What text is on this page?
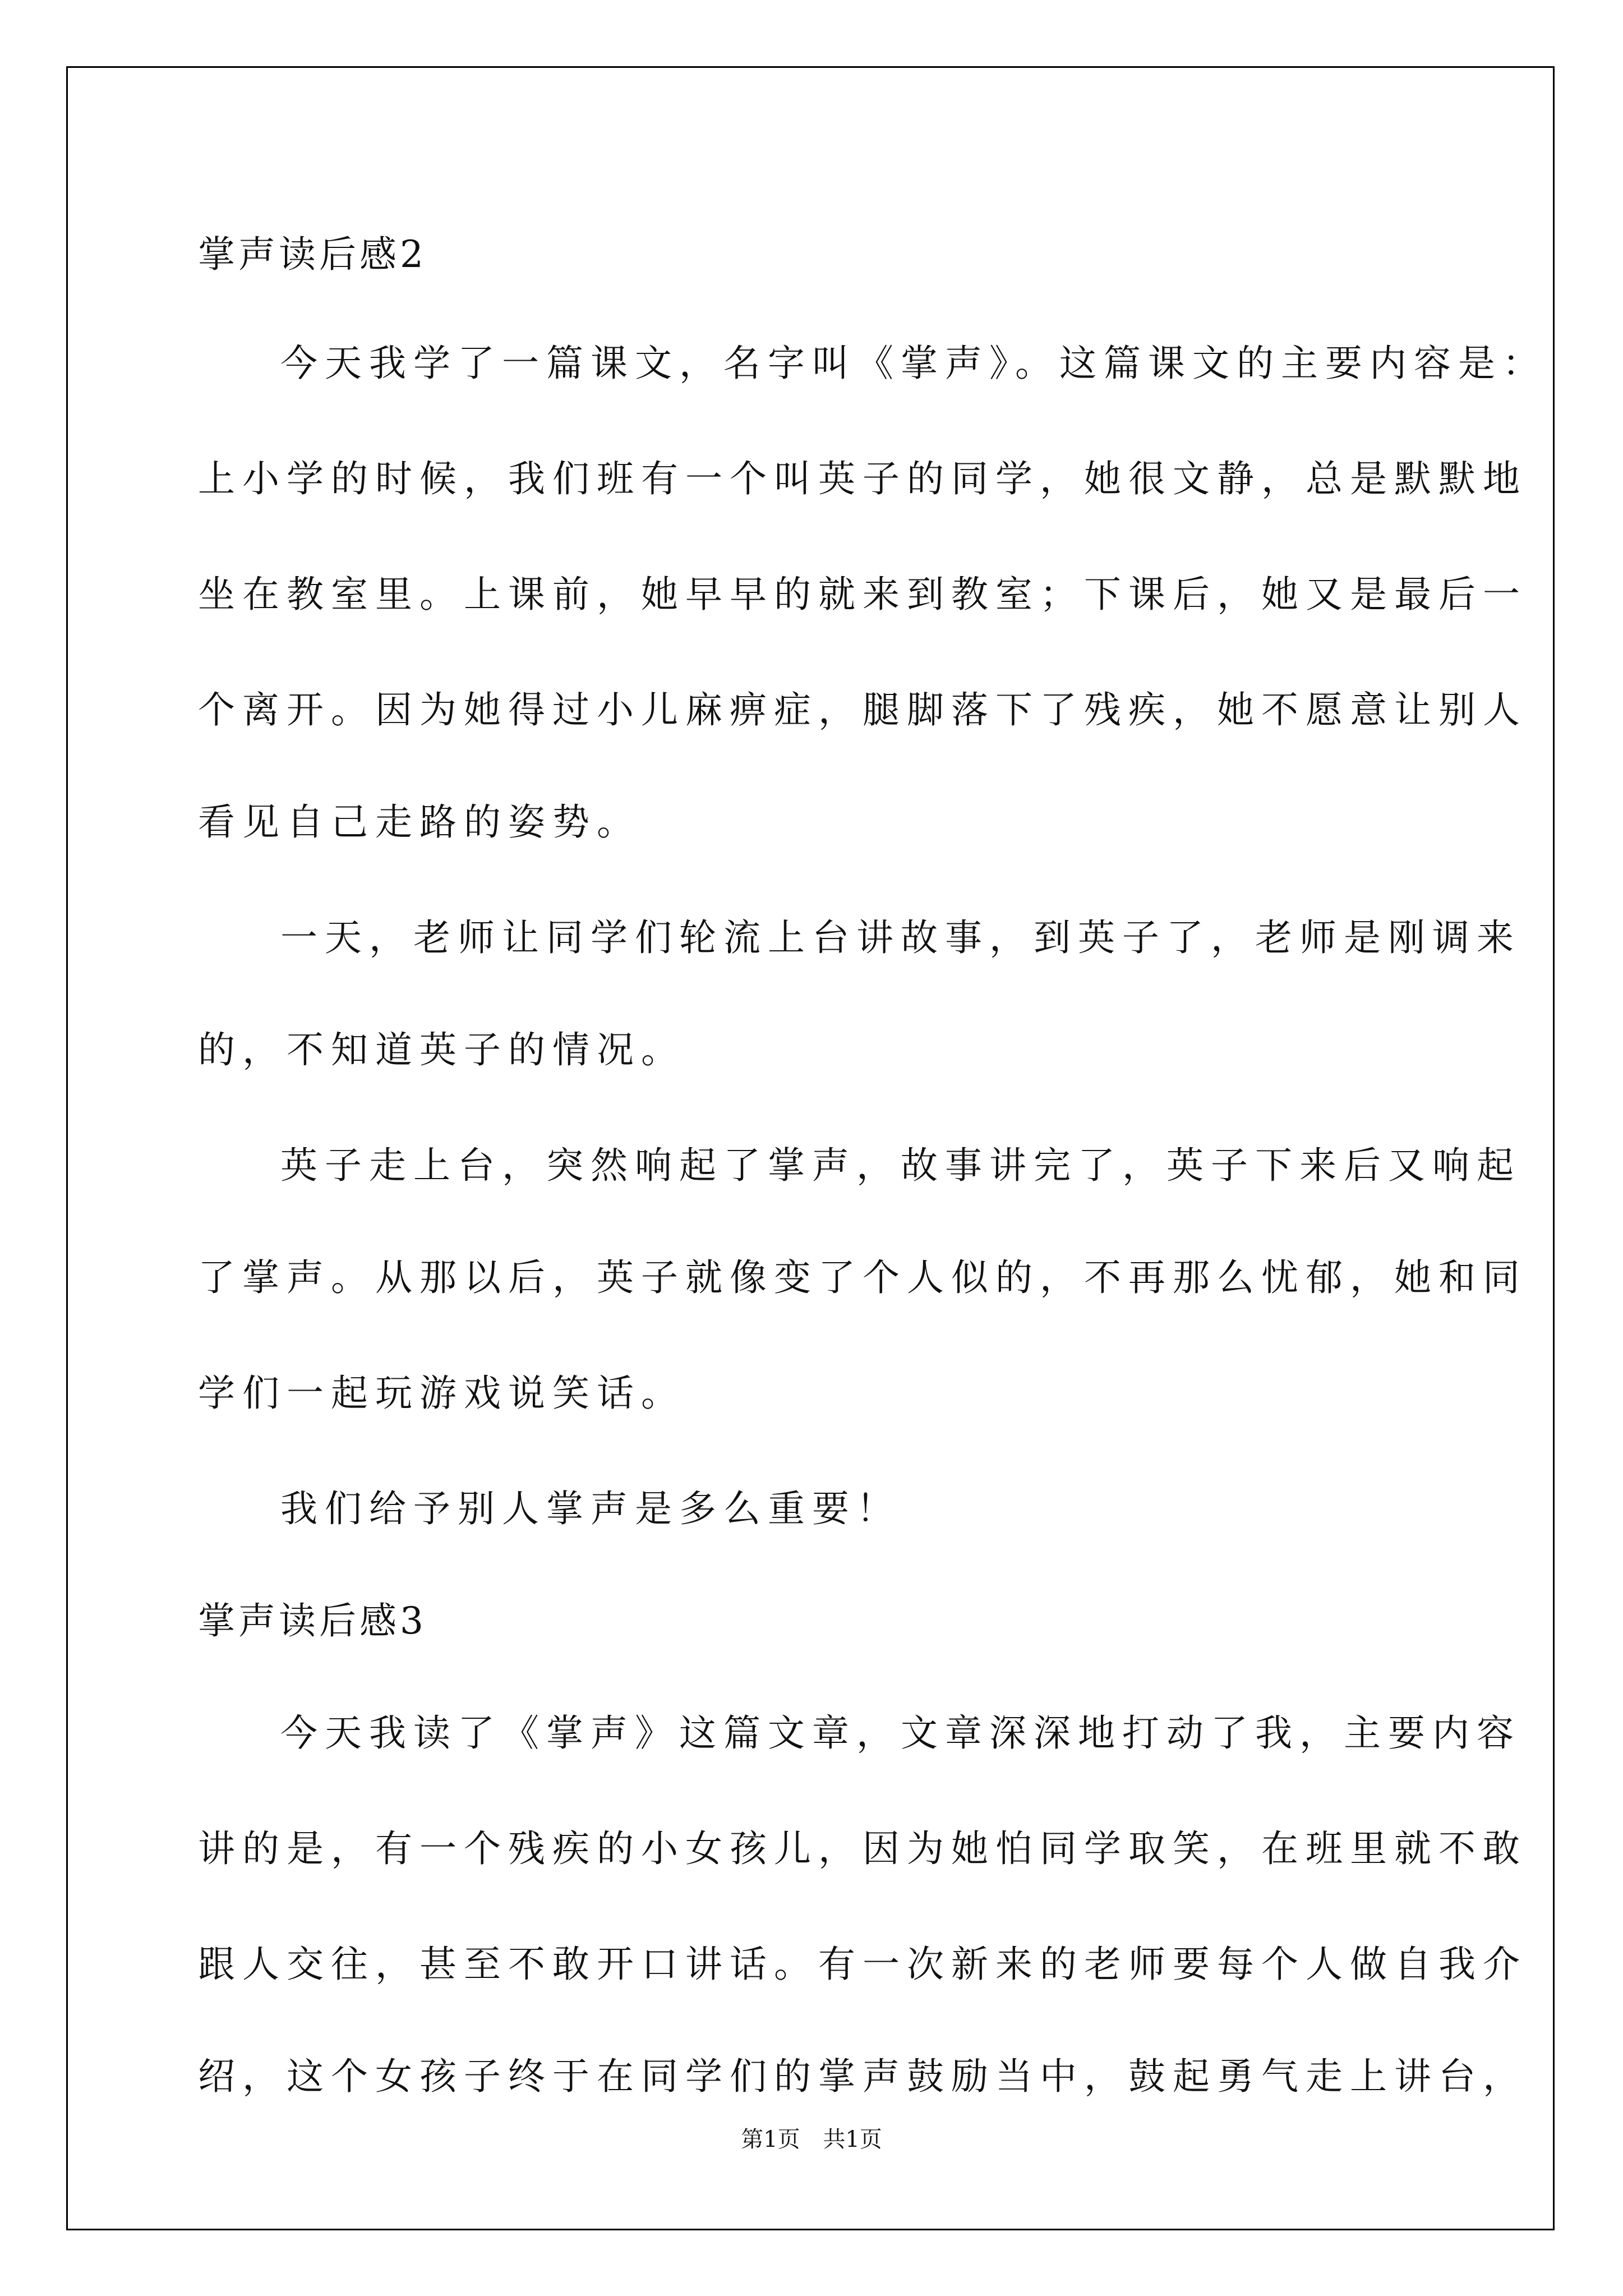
掌声读后感2
今天我学了一篇课文，名字叫《掌声》。这篇课文的主要内容是：
上小学的时候，我们班有一个叫英子的同学，她很文静，总是默默地
坐在教室里。上课前，她早早的就来到教室；下课后，她又是最后一
个离开。因为她得过小儿麻痹症，腿脚落下了残疾，她不愿意让别人
看见自己走路的姿势。
一天，老师让同学们轮流上台讲故事，到英子了，老师是刚调来
的，不知道英子的情况。
英子走上台，突然响起了掌声，故事讲完了，英子下来后又响起
了掌声。从那以后，英子就像变了个人似的，不再那么忧郁，她和同
学们一起玩游戏说笑话。
我们给予别人掌声是多么重要！
掌声读后感3
今天我读了《掌声》这篇文章，文章深深地打动了我，主要内容
讲的是，有一个残疾的小女孩儿，因为她怕同学取笑，在班里就不敢
跟人交往，甚至不敢开口讲话。有一次新来的老师要每个人做自我介
绍，这个女孩子终于在同学们的掌声鼓励当中，鼓起勇气走上讲台，
第1页 共1页
